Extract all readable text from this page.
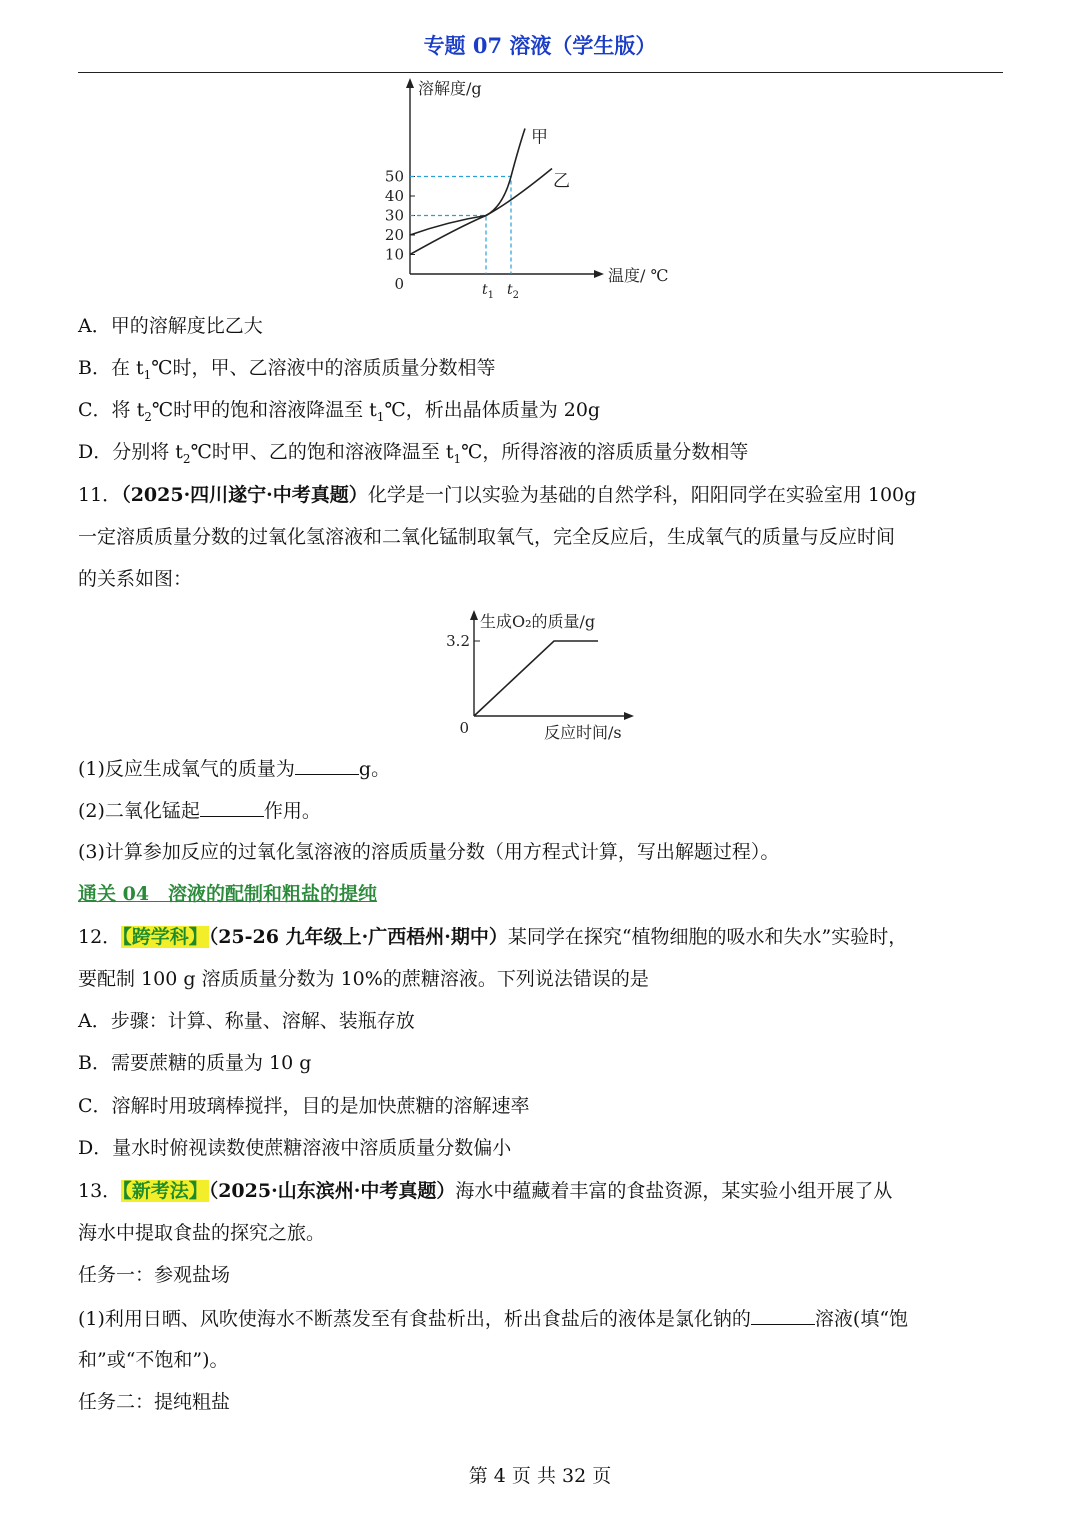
专题 07 溶液（学生版）
溶解度/g
温度/ ℃
0
10
20
30
40
50
$t_1$ $t_2$
甲
乙
A．甲的溶解度比乙大
B．在 $t_1℃$时，甲、乙溶液中的溶质质量分数相等
C．将 $t_2℃$时甲的饱和溶液降温至 $t_1℃$，析出晶体质量为 20g
D．分别将 $t_2℃$时甲、乙的饱和溶液降温至 $t_1℃$，所得溶液的溶质质量分数相等
11．（2025·四川遂宁·中考真题）化学是一门以实验为基础的自然学科，阳阳同学在实验室用 100g
一定溶质质量分数的过氧化氢溶液和二氧化锰制取氧气，完全反应后，生成氧气的质量与反应时间
的关系如图：
生成O₂的质量/g
反应时间/s
0
3.2
(1)反应生成氧气的质量为	g。
(2)二氧化锰起	作用。
(3)计算参加反应的过氧化氢溶液的溶质质量分数（用方程式计算，写出解题过程）。
通关 04　溶液的配制和粗盐的提纯
12．【跨学科】（25-26 九年级上·广西梧州·期中）某同学在探究“植物细胞的吸水和失水”实验时，
要配制 100 g 溶质质量分数为 10%的蔗糖溶液。下列说法错误的是
A．步骤：计算、称量、溶解、装瓶存放
B．需要蔗糖的质量为 10 g
C．溶解时用玻璃棒搅拌，目的是加快蔗糖的溶解速率
D．量水时俯视读数使蔗糖溶液中溶质质量分数偏小
13．【新考法】（2025·山东滨州·中考真题）海水中蕴藏着丰富的食盐资源，某实验小组开展了从
海水中提取食盐的探究之旅。
任务一：参观盐场
(1)利用日晒、风吹使海水不断蒸发至有食盐析出，析出食盐后的液体是氯化钠的	溶液(填“饱
和”或“不饱和”)。
任务二：提纯粗盐
第 4 页 共 32 页
